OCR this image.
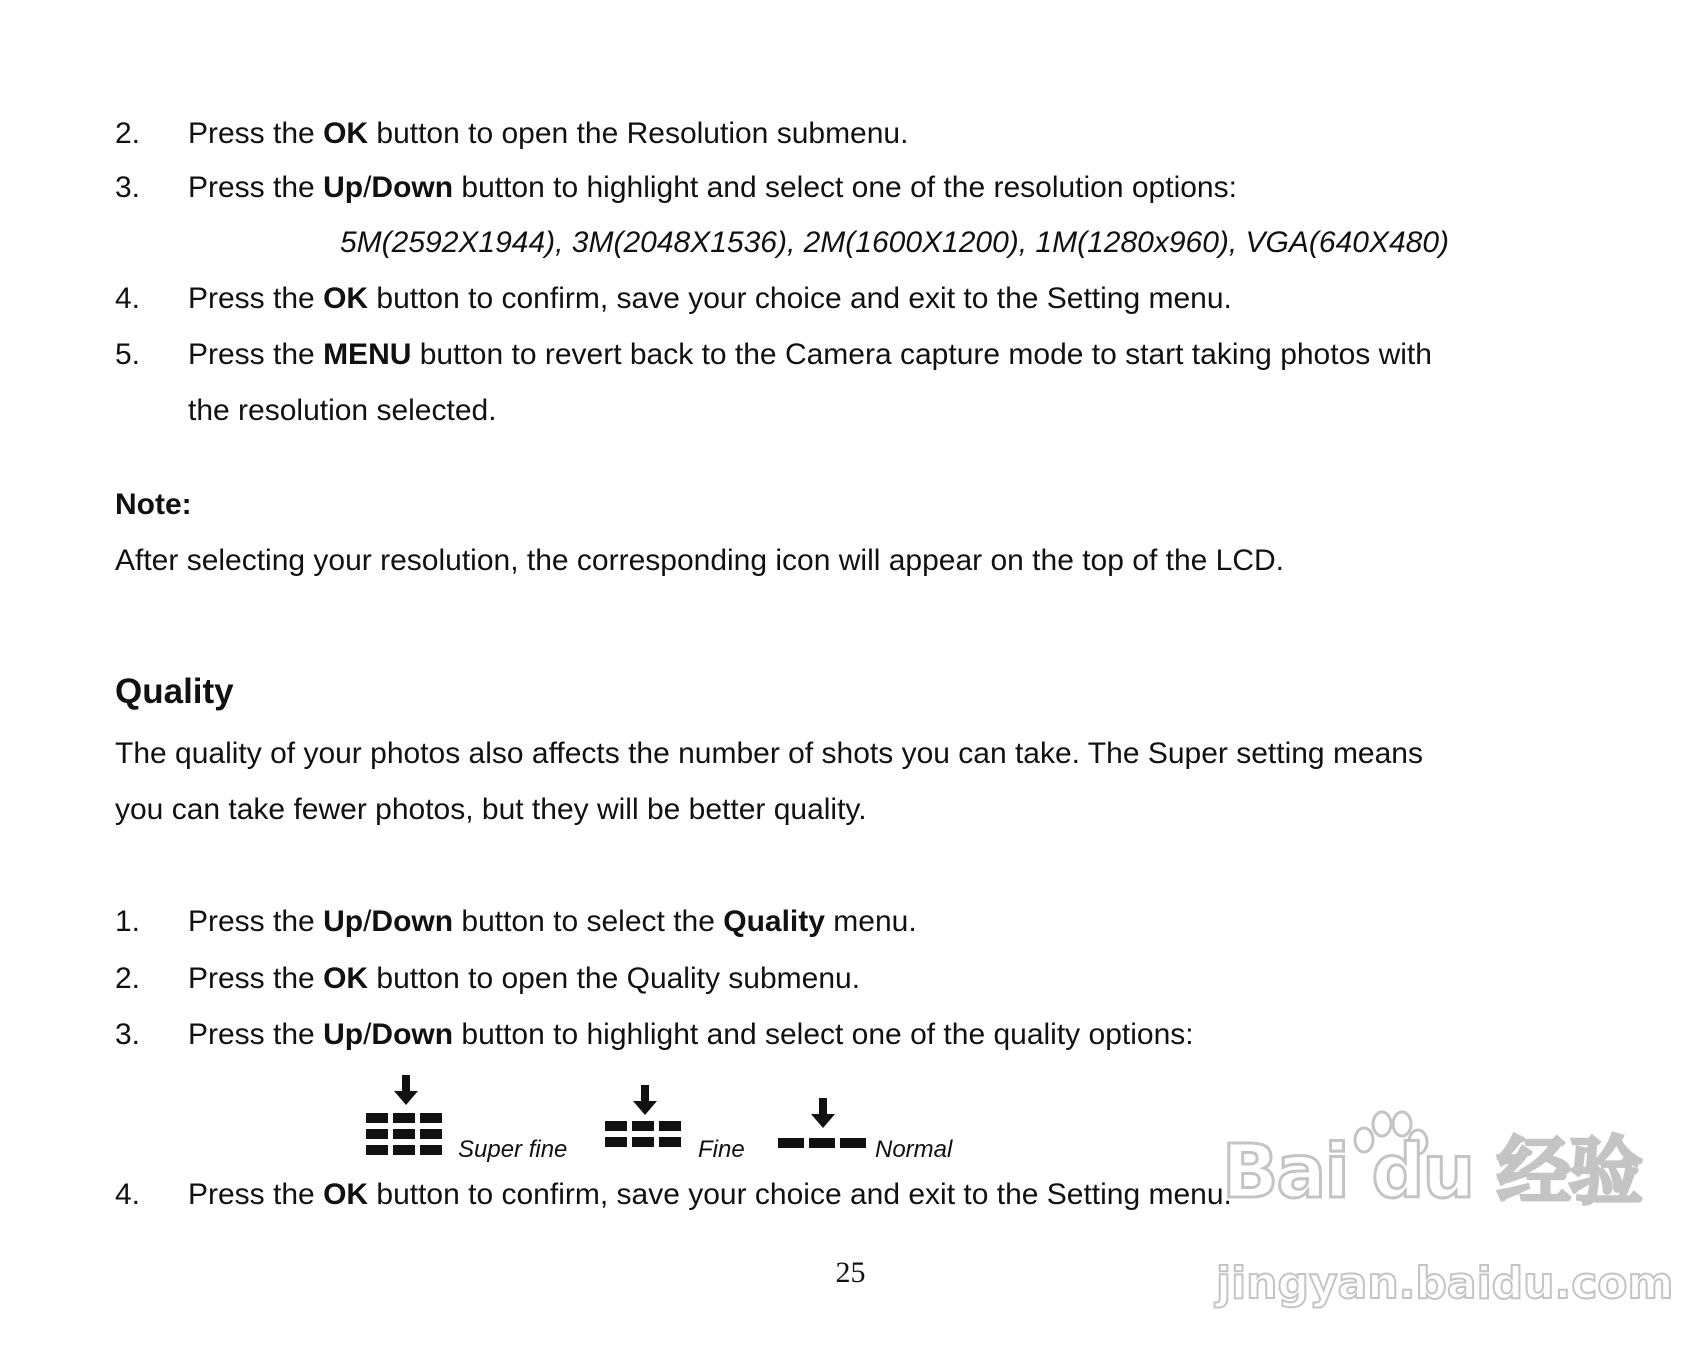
2. Press the OK button to open the Resolution submenu.
3. Press the Up/Down button to highlight and select one of the resolution options:
5M(2592X1944), 3M(2048X1536), 2M(1600X1200), 1M(1280x960), VGA(640X480)
4. Press the OK button to confirm, save your choice and exit to the Setting menu.
5. Press the MENU button to revert back to the Camera capture mode to start taking photos with
the resolution selected.
Note:
After selecting your resolution, the corresponding icon will appear on the top of the LCD.
Quality
The quality of your photos also affects the number of shots you can take. The Super setting means
you can take fewer photos, but they will be better quality.
1. Press the Up/Down button to select the Quality menu.
2. Press the OK button to open the Quality submenu.
3. Press the Up/Down button to highlight and select one of the quality options:
Super fine	Fine	Normal
4. Press the OK button to confirm, save your choice and exit to the Setting menu.
25
Bai du 经验
jingyan.baidu.com
